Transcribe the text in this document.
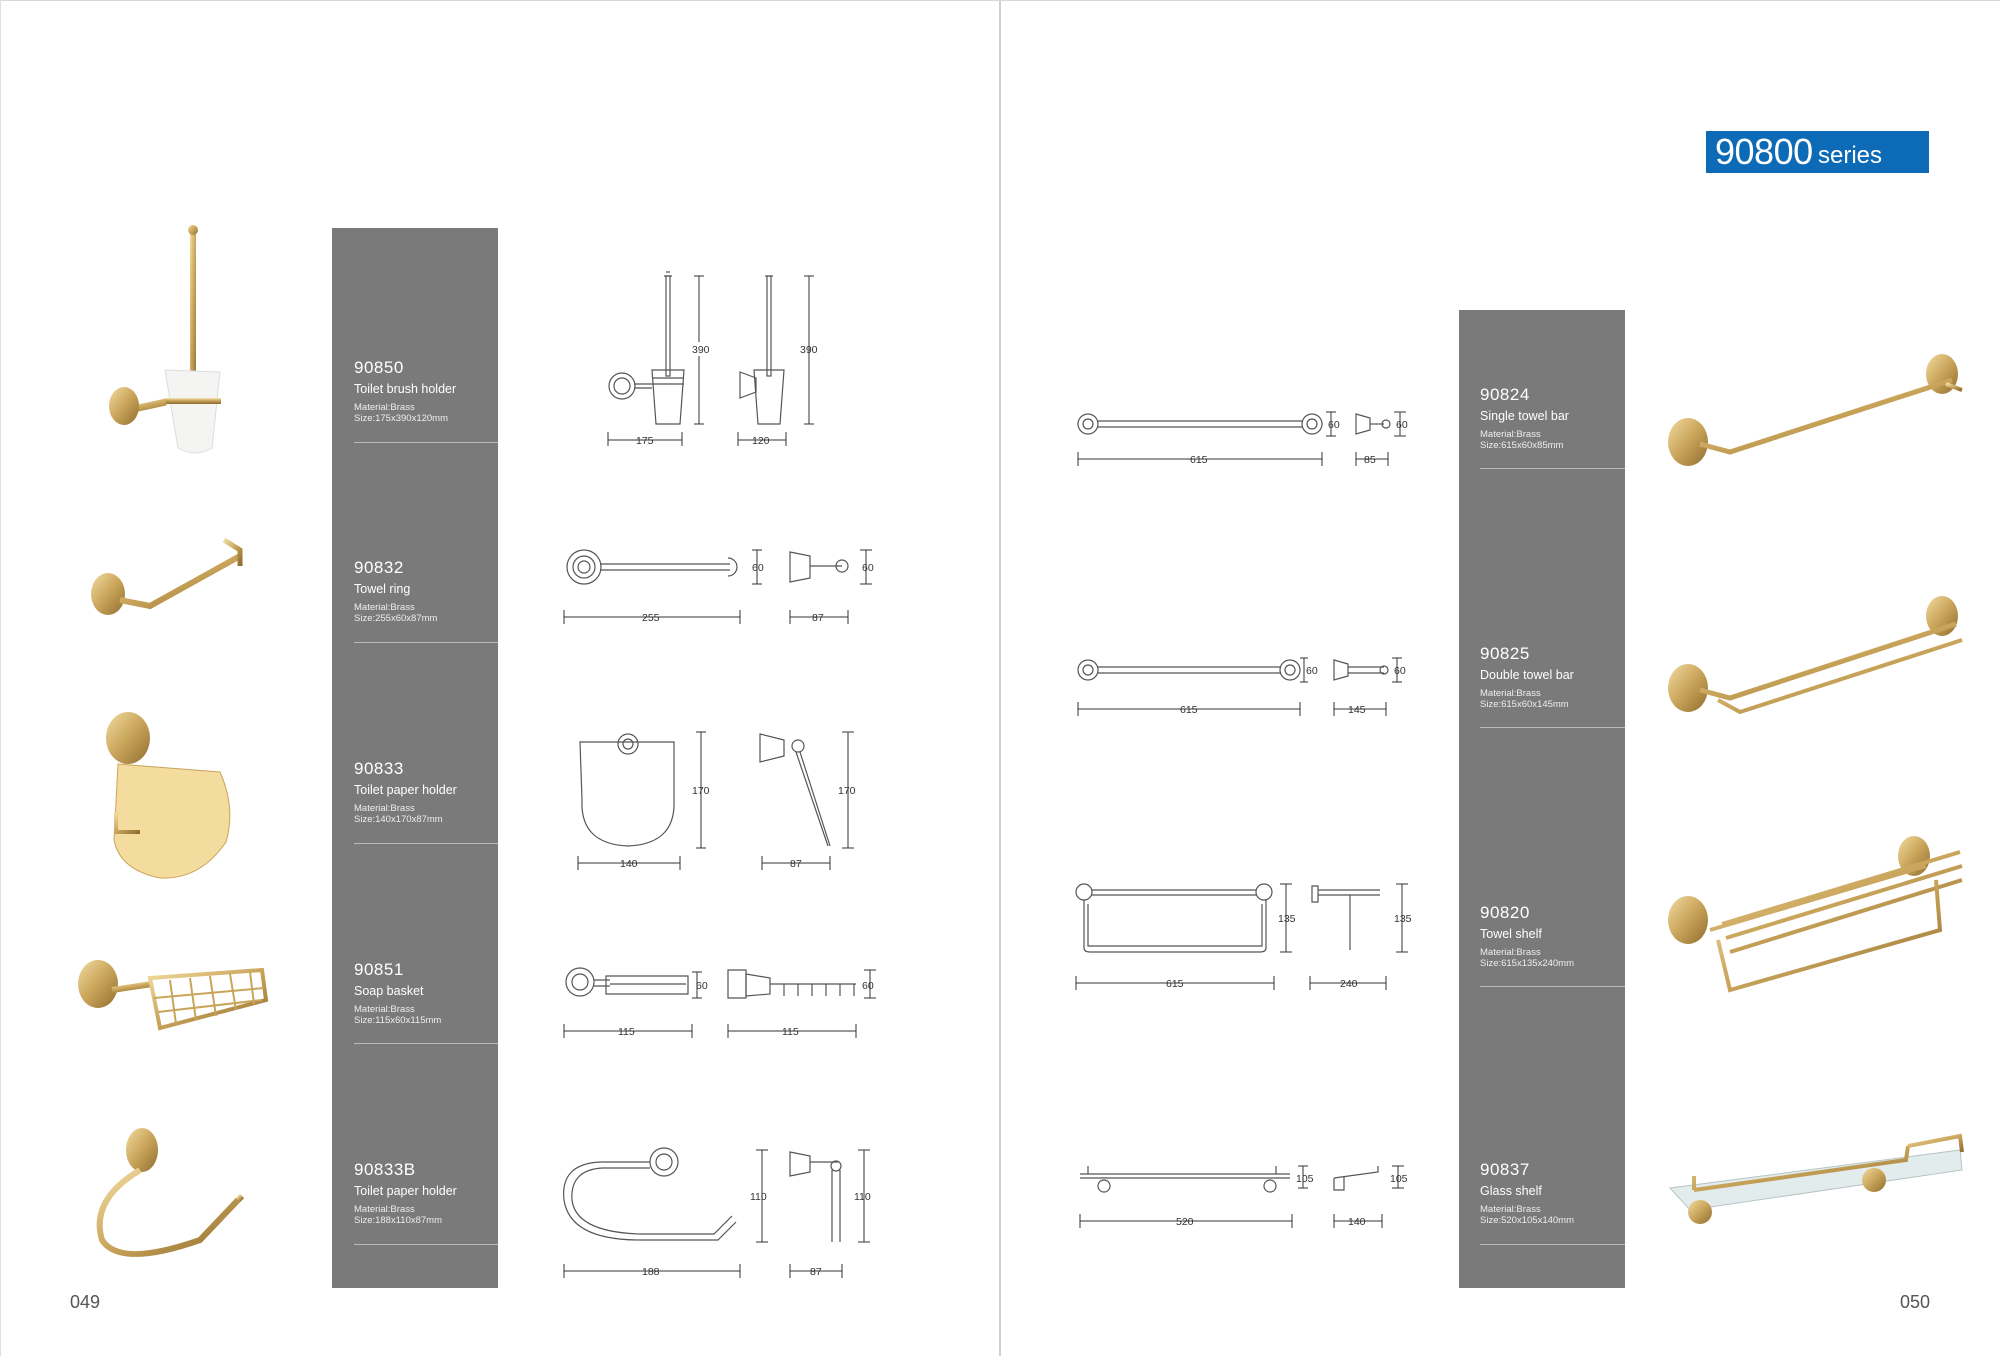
90800 series
90850
Toilet brush holder
Material:Brass
Size:175x390x120mm
90832
Towel ring
Material:Brass
Size:255x60x87mm
90833
Toilet paper holder
Material:Brass
Size:140x170x87mm
90851
Soap basket
Material:Brass
Size:115x60x115mm
90833B
Toilet paper holder
Material:Brass
Size:188x110x87mm
90824
Single towel bar
Material:Brass
Size:615x60x85mm
90825
Double towel bar
Material:Brass
Size:615x60x145mm
90820
Towel shelf
Material:Brass
Size:615x135x240mm
90837
Glass shelf
Material:Brass
Size:520x105x140mm
049	050
390	390
175	120
60	60
255	87
170	170
140	87
60	60
115	115
110	110
188	87
60	60
615	85
60	60
615	145
135	135
615	240
105	105
520	140
